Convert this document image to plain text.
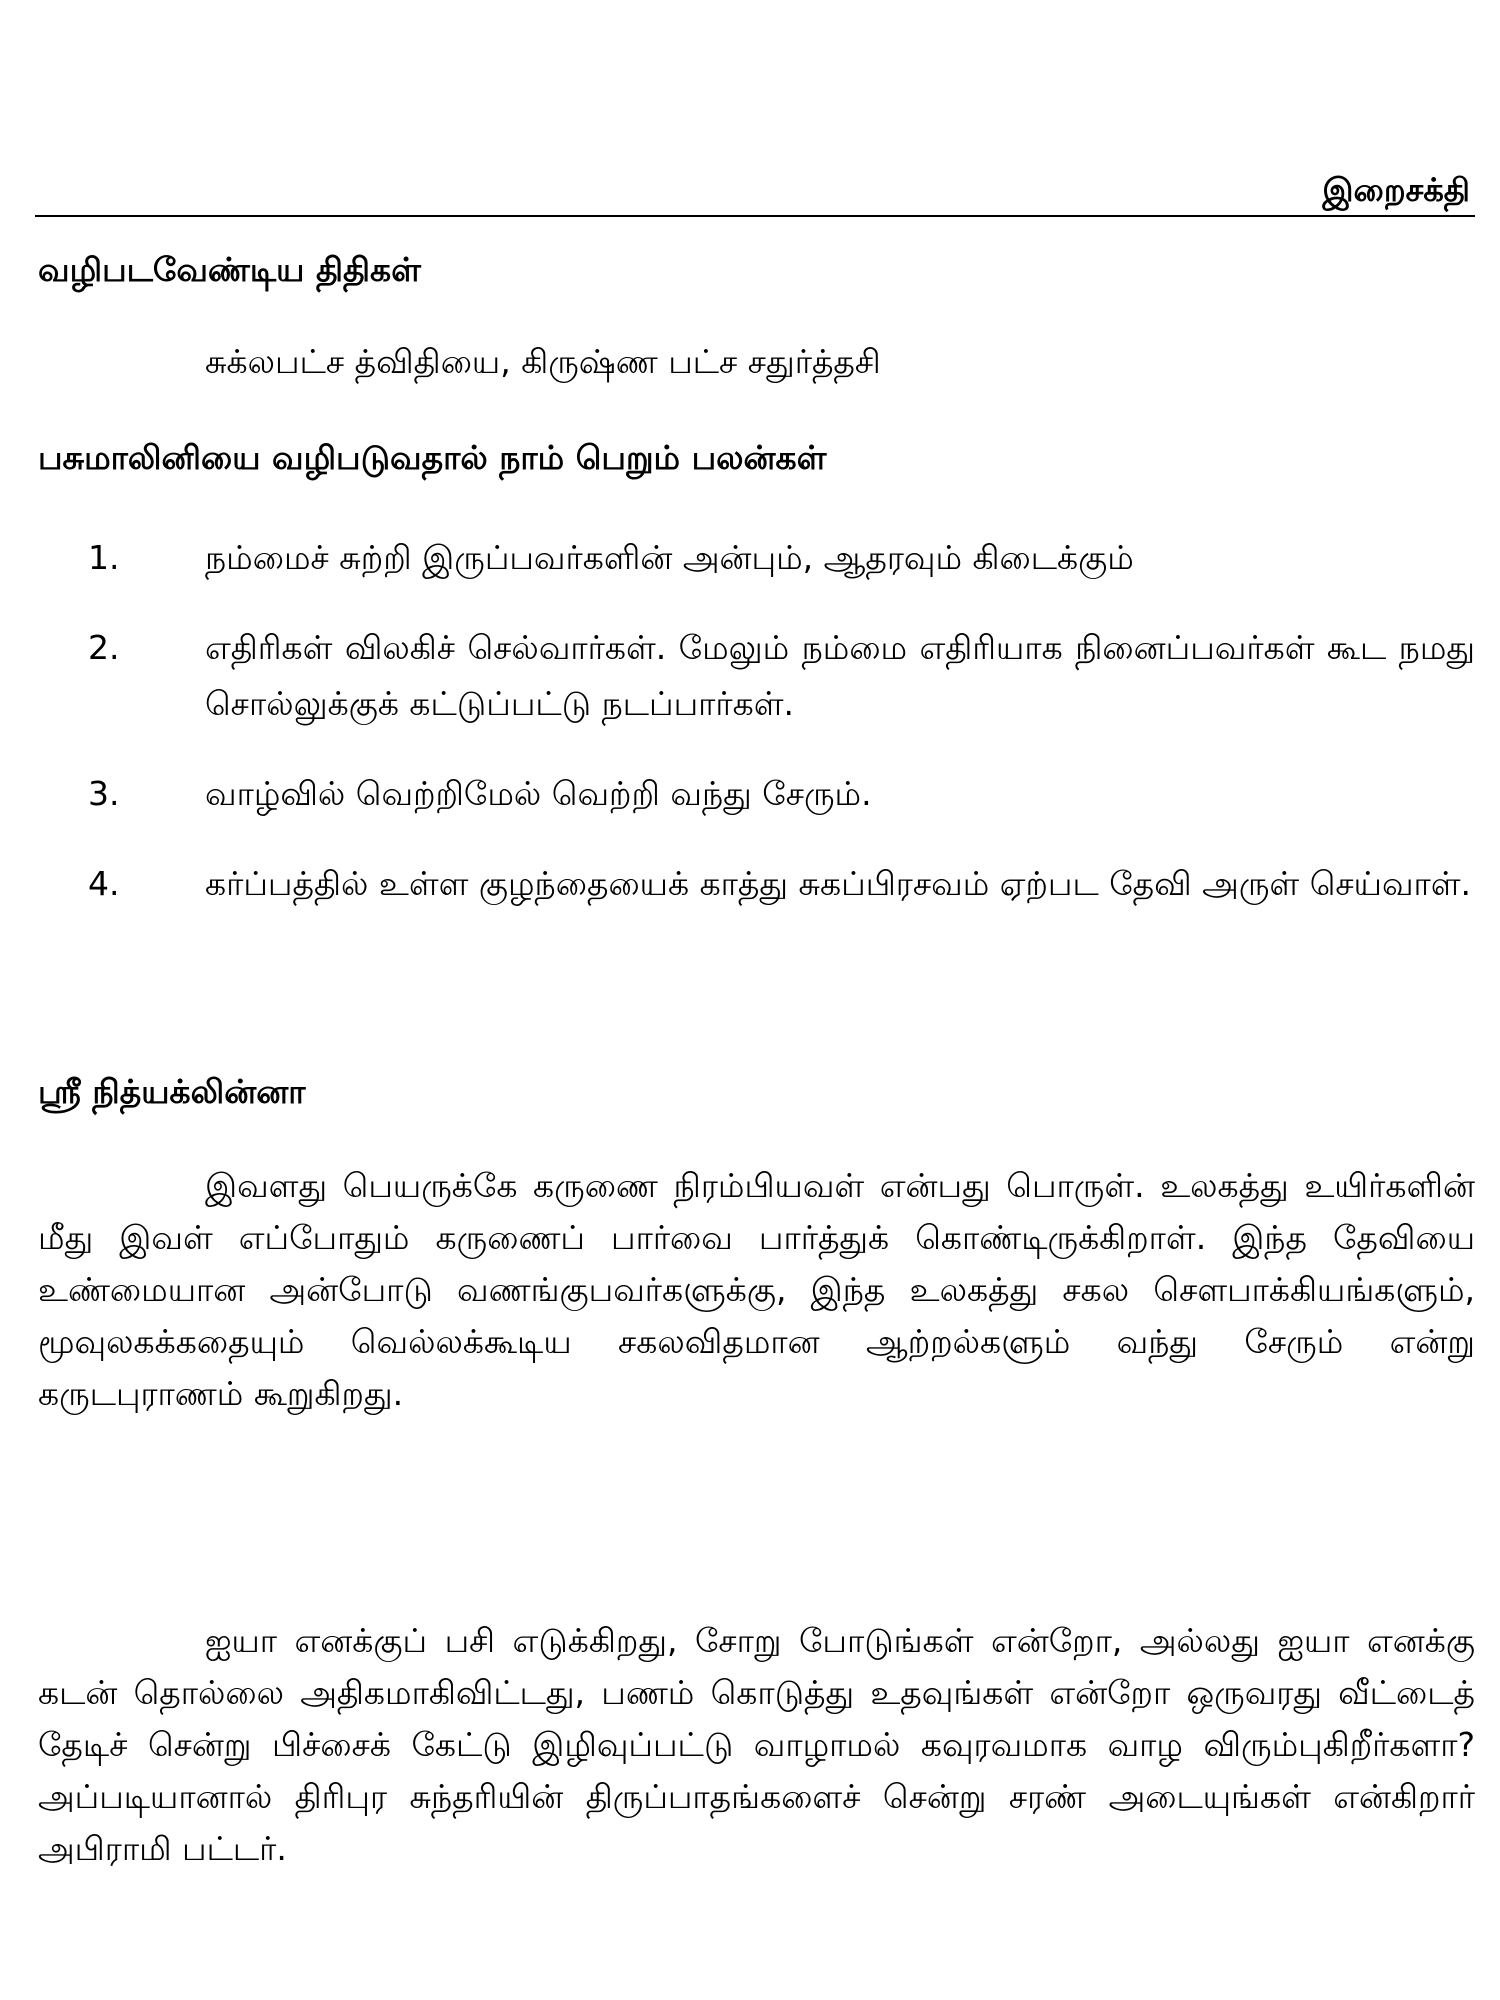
இறைசக்தி
வழிபடவேண்டிய திதிகள்
சுக்லபட்ச த்விதியை, கிருஷ்ண பட்ச சதுர்த்தசி
பசுமாலினியை வழிபடுவதால் நாம் பெறும் பலன்கள்
1.	நம்மைச் சுற்றி இருப்பவர்களின் அன்பும், ஆதரவும் கிடைக்கும்
2.	எதிரிகள் விலகிச் செல்வார்கள். மேலும் நம்மை எதிரியாக நினைப்பவர்கள் கூட நமது சொல்லுக்குக் கட்டுப்பட்டு நடப்பார்கள்.
3.	வாழ்வில் வெற்றிமேல் வெற்றி வந்து சேரும்.
4.	கர்ப்பத்தில் உள்ள குழந்தையைக் காத்து சுகப்பிரசவம் ஏற்பட தேவி அருள் செய்வாள்.
ஸ்ரீ நித்யக்லின்னா

இவளது பெயருக்கே கருணை நிரம்பியவள் என்பது பொருள். உலகத்து உயிர்களின் மீது இவள் எப்போதும் கருணைப் பார்வை பார்த்துக் கொண்டிருக்கிறாள். இந்த தேவியை உண்மையான அன்போடு வணங்குபவர்களுக்கு, இந்த உலகத்து சகல சௌபாக்கியங்களும், மூவுலகக்கதையும் வெல்லக்கூடிய சகலவிதமான ஆற்றல்களும் வந்து சேரும் என்று கருடபுராணம் கூறுகிறது.

ஐயா எனக்குப் பசி எடுக்கிறது, சோறு போடுங்கள் என்றோ, அல்லது ஐயா எனக்கு கடன் தொல்லை அதிகமாகிவிட்டது, பணம் கொடுத்து உதவுங்கள் என்றோ ஒருவரது வீட்டைத் தேடிச் சென்று பிச்சைக் கேட்டு இழிவுப்பட்டு வாழாமல் கவுரவமாக வாழ விரும்புகிறீர்களா? அப்படியானால் திரிபுர சுந்தரியின் திருப்பாதங்களைச் சென்று சரண் அடையுங்கள் என்கிறார் அபிராமி பட்டர்.
